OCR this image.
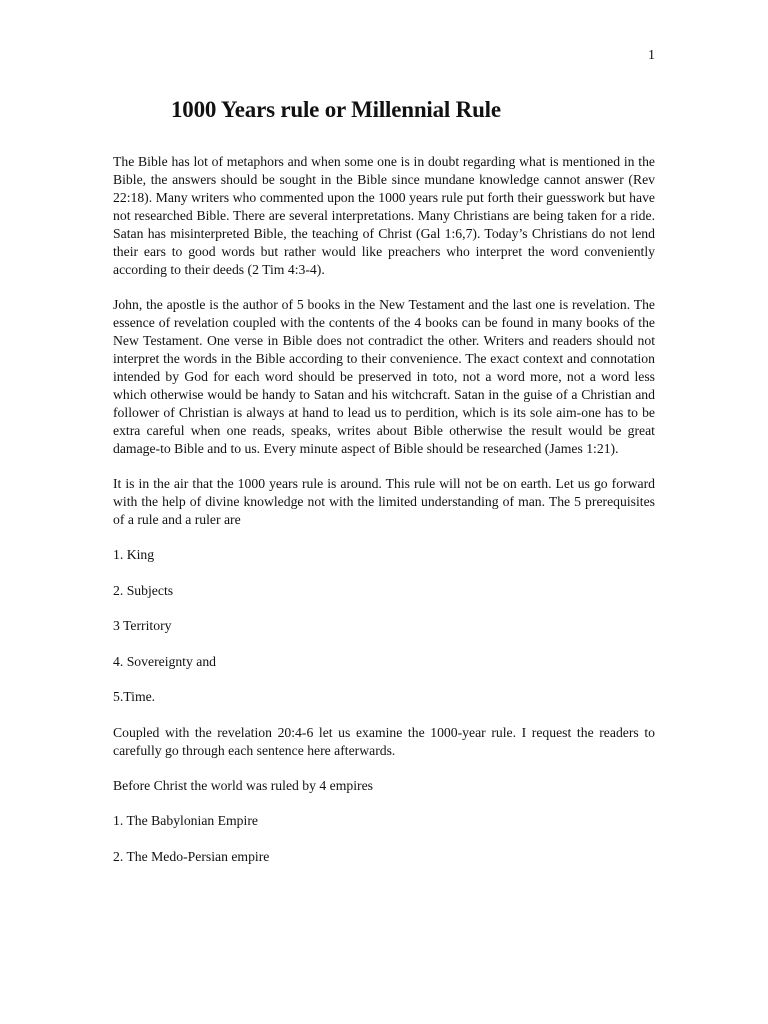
1
1000 Years rule or Millennial Rule

The Bible has lot of metaphors and when some one is in doubt regarding what is mentioned in the Bible, the answers should be sought in the Bible since mundane knowledge cannot answer (Rev 22:18). Many writers who commented upon the 1000 years rule put forth their guesswork but have not researched Bible. There are several interpretations. Many Christians are being taken for a ride. Satan has misinterpreted Bible, the teaching of Christ (Gal 1:6,7). Today’s Christians do not lend their ears to good words but rather would like preachers who interpret the word conveniently according to their deeds (2 Tim 4:3-4).

John, the apostle is the author of 5 books in the New Testament and the last one is revelation. The essence of revelation coupled with the contents of the 4 books can be found in many books of the New Testament. One verse in Bible does not contradict the other. Writers and readers should not interpret the words in the Bible according to their convenience. The exact context and connotation intended by God for each word should be preserved in toto, not a word more, not a word less which otherwise would be handy to Satan and his witchcraft. Satan in the guise of a Christian and follower of Christian is always at hand to lead us to perdition, which is its sole aim-one has to be extra careful when one reads, speaks, writes about Bible otherwise the result would be great damage-to Bible and to us. Every minute aspect of Bible should be researched (James 1:21).

It is in the air that the 1000 years rule is around. This rule will not be on earth. Let us go forward with the help of divine knowledge not with the limited understanding of man. The 5 prerequisites of a rule and a ruler are

1. King

2. Subjects

3 Territory

4. Sovereignty and

5.Time.

Coupled with the revelation 20:4-6 let us examine the 1000-year rule. I request the readers to carefully go through each sentence here afterwards.

Before Christ the world was ruled by 4 empires

1. The Babylonian Empire

2. The Medo-Persian empire
